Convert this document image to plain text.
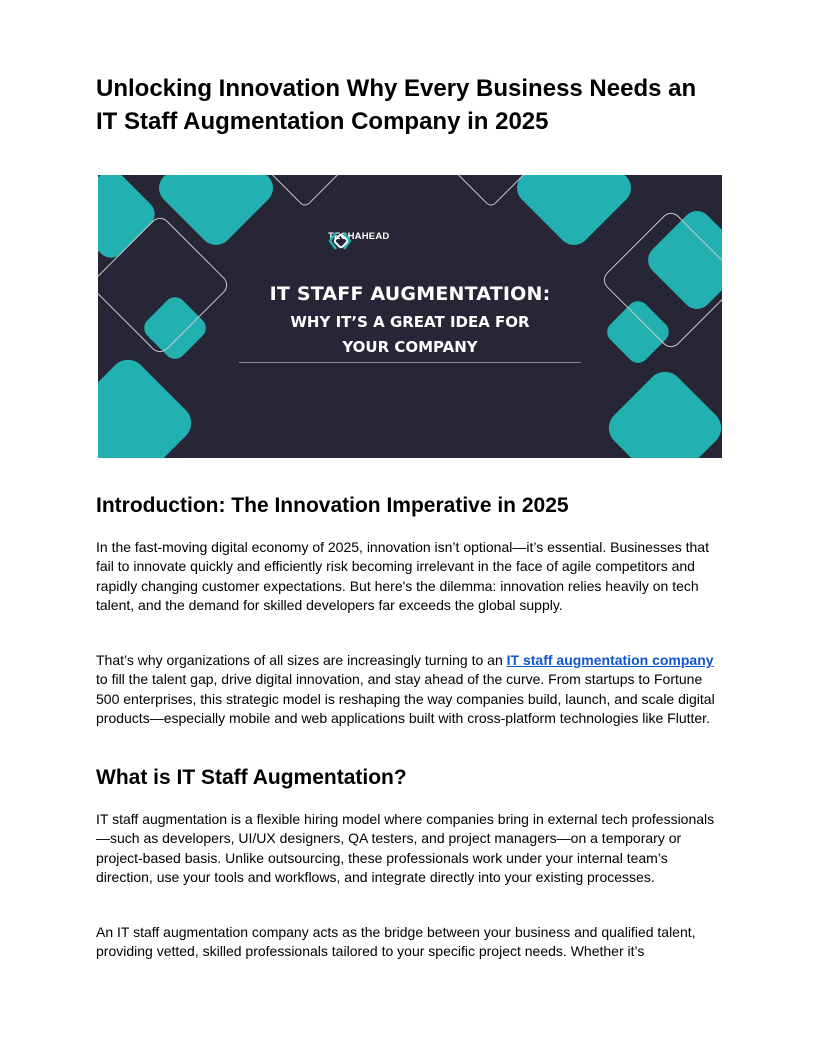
Unlocking Innovation Why Every Business Needs an IT Staff Augmentation Company in 2025
TECHAHEAD
IT STAFF AUGMENTATION:
WHY IT’S A GREAT IDEA FOR
YOUR COMPANY
Introduction: The Innovation Imperative in 2025

In the fast-moving digital economy of 2025, innovation isn’t optional—it’s essential. Businesses that fail to innovate quickly and efficiently risk becoming irrelevant in the face of agile competitors and rapidly changing customer expectations. But here's the dilemma: innovation relies heavily on tech talent, and the demand for skilled developers far exceeds the global supply.

That’s why organizations of all sizes are increasingly turning to an IT staff augmentation company to fill the talent gap, drive digital innovation, and stay ahead of the curve. From startups to Fortune 500 enterprises, this strategic model is reshaping the way companies build, launch, and scale digital products—especially mobile and web applications built with cross-platform technologies like Flutter.

What is IT Staff Augmentation?

IT staff augmentation is a flexible hiring model where companies bring in external tech professionals—such as developers, UI/UX designers, QA testers, and project managers—on a temporary or project-based basis. Unlike outsourcing, these professionals work under your internal team’s direction, use your tools and workflows, and integrate directly into your existing processes.

An IT staff augmentation company acts as the bridge between your business and qualified talent, providing vetted, skilled professionals tailored to your specific project needs. Whether it’s
